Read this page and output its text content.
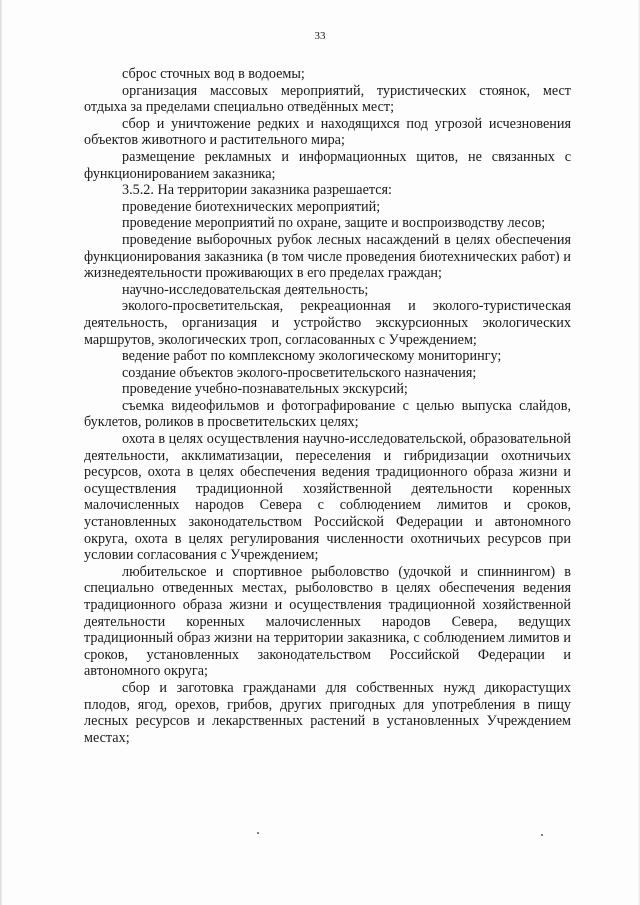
33

сброс сточных вод в водоемы;

организация массовых мероприятий, туристических стоянок, мест отдыха за пределами специально отведённых мест;

сбор и уничтожение редких и находящихся под угрозой исчезновения объектов животного и растительного мира;

размещение рекламных и информационных щитов, не связанных с функционированием заказника;

3.5.2. На территории заказника разрешается:

проведение биотехнических мероприятий;

проведение мероприятий по охране, защите и воспроизводству лесов;

проведение выборочных рубок лесных насаждений в целях обеспечения функционирования заказника (в том числе проведения биотехнических работ) и жизнедеятельности проживающих в его пределах граждан;

научно-исследовательская деятельность;

эколого-просветительская, рекреационная и эколого-туристическая деятельность, организация и устройство экскурсионных экологических маршрутов, экологических троп, согласованных с Учреждением;

ведение работ по комплексному экологическому мониторингу;

создание объектов эколого-просветительского назначения;

проведение учебно-познавательных экскурсий;

съемка видеофильмов и фотографирование с целью выпуска слайдов, буклетов, роликов в просветительских целях;

охота в целях осуществления научно-исследовательской, образовательной деятельности, акклиматизации, переселения и гибридизации охотничьих ресурсов, охота в целях обеспечения ведения традиционного образа жизни и осуществления традиционной хозяйственной деятельности коренных малочисленных народов Севера с соблюдением лимитов и сроков, установленных законодательством Российской Федерации и автономного округа, охота в целях регулирования численности охотничьих ресурсов при условии согласования с Учреждением;

любительское и спортивное рыболовство (удочкой и спиннингом) в специально отведенных местах, рыболовство в целях обеспечения ведения традиционного образа жизни и осуществления традиционной хозяйственной деятельности коренных малочисленных народов Севера, ведущих традиционный образ жизни на территории заказника, с соблюдением лимитов и сроков, установленных законодательством Российской Федерации и автономного округа;

сбор и заготовка гражданами для собственных нужд дикорастущих плодов, ягод, орехов, грибов, других пригодных для употребления в пищу лесных ресурсов и лекарственных растений в установленных Учреждением местах;
